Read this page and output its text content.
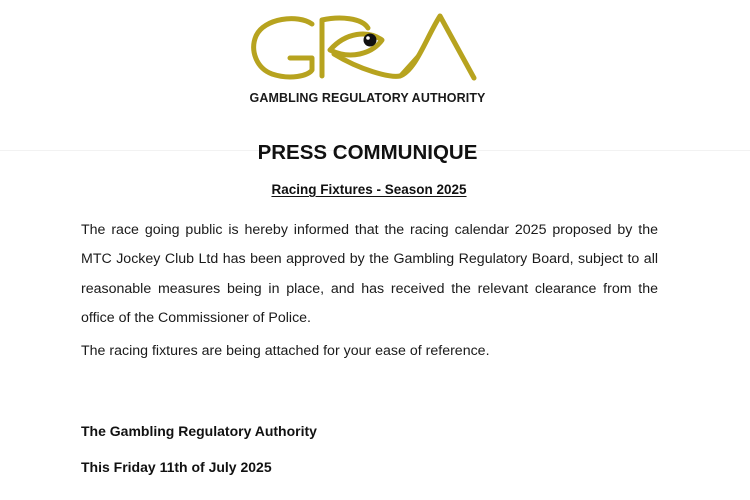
GAMBLING REGULATORY AUTHORITY
PRESS COMMUNIQUE
Racing Fixtures - Season 2025
The race going public is hereby informed that the racing calendar 2025 proposed by the MTC Jockey Club Ltd has been approved by the Gambling Regulatory Board, subject to all reasonable measures being in place, and has received the relevant clearance from the office of the Commissioner of Police.
The racing fixtures are being attached for your ease of reference.
The Gambling Regulatory Authority
This Friday 11th of July 2025
